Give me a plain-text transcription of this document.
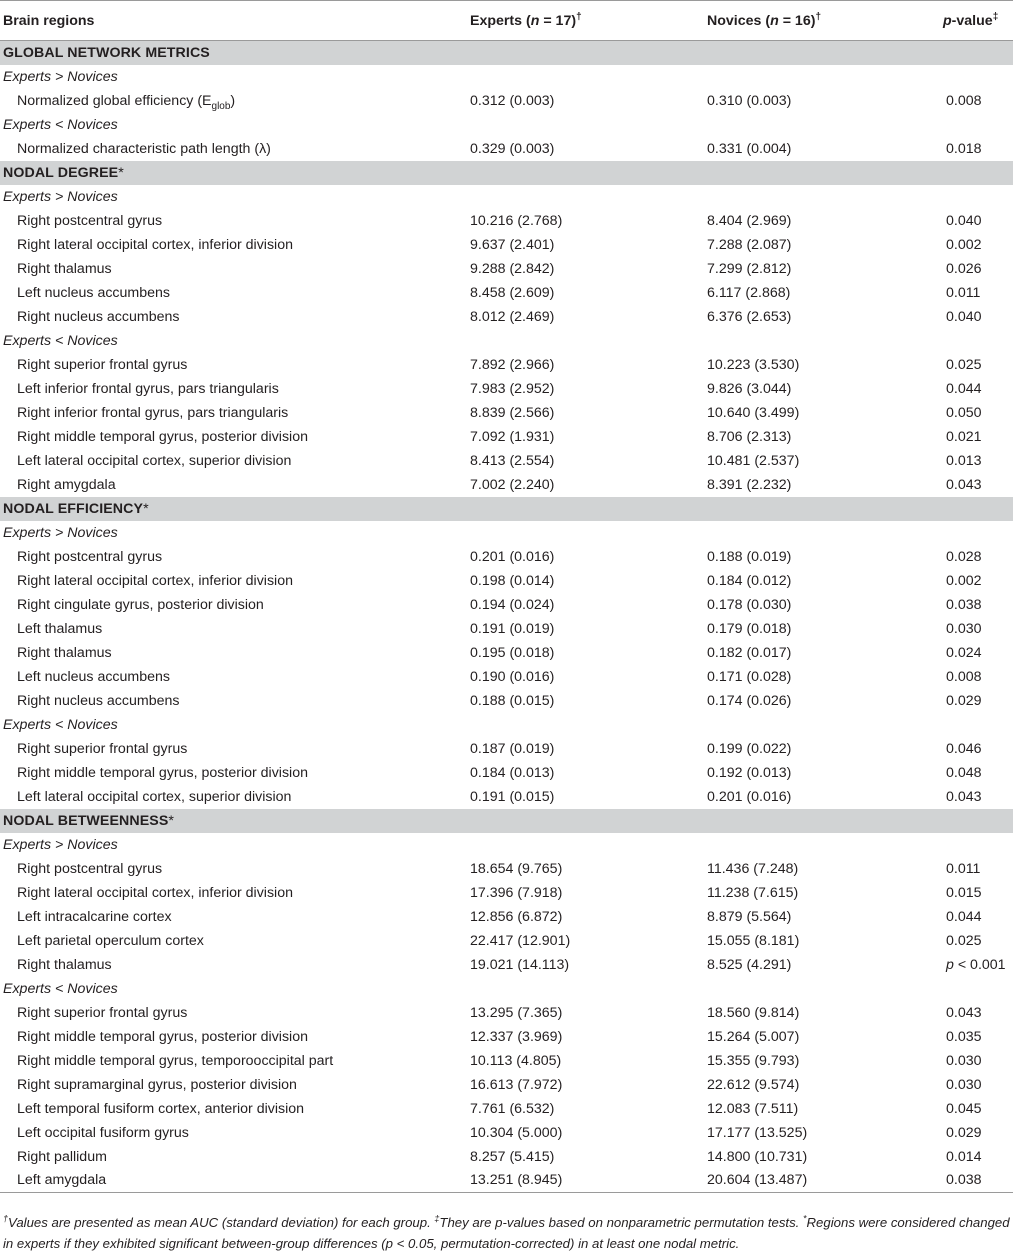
Brain regions	Experts (n = 17)†	Novices (n = 16)†	p-value‡
GLOBAL NETWORK METRICS			
Experts > Novices			
Normalized global efficiency $(E_{glob})$	0.312 (0.003)	0.310 (0.003)	0.008
Experts < Novices			
Normalized characteristic path length (λ)	0.329 (0.003)	0.331 (0.004)	0.018
NODAL DEGREE*			
Experts > Novices			
Right postcentral gyrus	10.216 (2.768)	8.404 (2.969)	0.040
Right lateral occipital cortex, inferior division	9.637 (2.401)	7.288 (2.087)	0.002
Right thalamus	9.288 (2.842)	7.299 (2.812)	0.026
Left nucleus accumbens	8.458 (2.609)	6.117 (2.868)	0.011
Right nucleus accumbens	8.012 (2.469)	6.376 (2.653)	0.040
Experts < Novices			
Right superior frontal gyrus	7.892 (2.966)	10.223 (3.530)	0.025
Left inferior frontal gyrus, pars triangularis	7.983 (2.952)	9.826 (3.044)	0.044
Right inferior frontal gyrus, pars triangularis	8.839 (2.566)	10.640 (3.499)	0.050
Right middle temporal gyrus, posterior division	7.092 (1.931)	8.706 (2.313)	0.021
Left lateral occipital cortex, superior division	8.413 (2.554)	10.481 (2.537)	0.013
Right amygdala	7.002 (2.240)	8.391 (2.232)	0.043
NODAL EFFICIENCY*			
Experts > Novices			
Right postcentral gyrus	0.201 (0.016)	0.188 (0.019)	0.028
Right lateral occipital cortex, inferior division	0.198 (0.014)	0.184 (0.012)	0.002
Right cingulate gyrus, posterior division	0.194 (0.024)	0.178 (0.030)	0.038
Left thalamus	0.191 (0.019)	0.179 (0.018)	0.030
Right thalamus	0.195 (0.018)	0.182 (0.017)	0.024
Left nucleus accumbens	0.190 (0.016)	0.171 (0.028)	0.008
Right nucleus accumbens	0.188 (0.015)	0.174 (0.026)	0.029
Experts < Novices			
Right superior frontal gyrus	0.187 (0.019)	0.199 (0.022)	0.046
Right middle temporal gyrus, posterior division	0.184 (0.013)	0.192 (0.013)	0.048
Left lateral occipital cortex, superior division	0.191 (0.015)	0.201 (0.016)	0.043
NODAL BETWEENNESS*			
Experts > Novices			
Right postcentral gyrus	18.654 (9.765)	11.436 (7.248)	0.011
Right lateral occipital cortex, inferior division	17.396 (7.918)	11.238 (7.615)	0.015
Left intracalcarine cortex	12.856 (6.872)	8.879 (5.564)	0.044
Left parietal operculum cortex	22.417 (12.901)	15.055 (8.181)	0.025
Right thalamus	19.021 (14.113)	8.525 (4.291)	p < 0.001
Experts < Novices			
Right superior frontal gyrus	13.295 (7.365)	18.560 (9.814)	0.043
Right middle temporal gyrus, posterior division	12.337 (3.969)	15.264 (5.007)	0.035
Right middle temporal gyrus, temporooccipital part	10.113 (4.805)	15.355 (9.793)	0.030
Right supramarginal gyrus, posterior division	16.613 (7.972)	22.612 (9.574)	0.030
Left temporal fusiform cortex, anterior division	7.761 (6.532)	12.083 (7.511)	0.045
Left occipital fusiform gyrus	10.304 (5.000)	17.177 (13.525)	0.029
Right pallidum	8.257 (5.415)	14.800 (10.731)	0.014
Left amygdala	13.251 (8.945)	20.604 (13.487)	0.038
†Values are presented as mean AUC (standard deviation) for each group. ‡They are p-values based on nonparametric permutation tests. *Regions were considered changed in experts if they exhibited significant between-group differences (p < 0.05, permutation-corrected) in at least one nodal metric.
